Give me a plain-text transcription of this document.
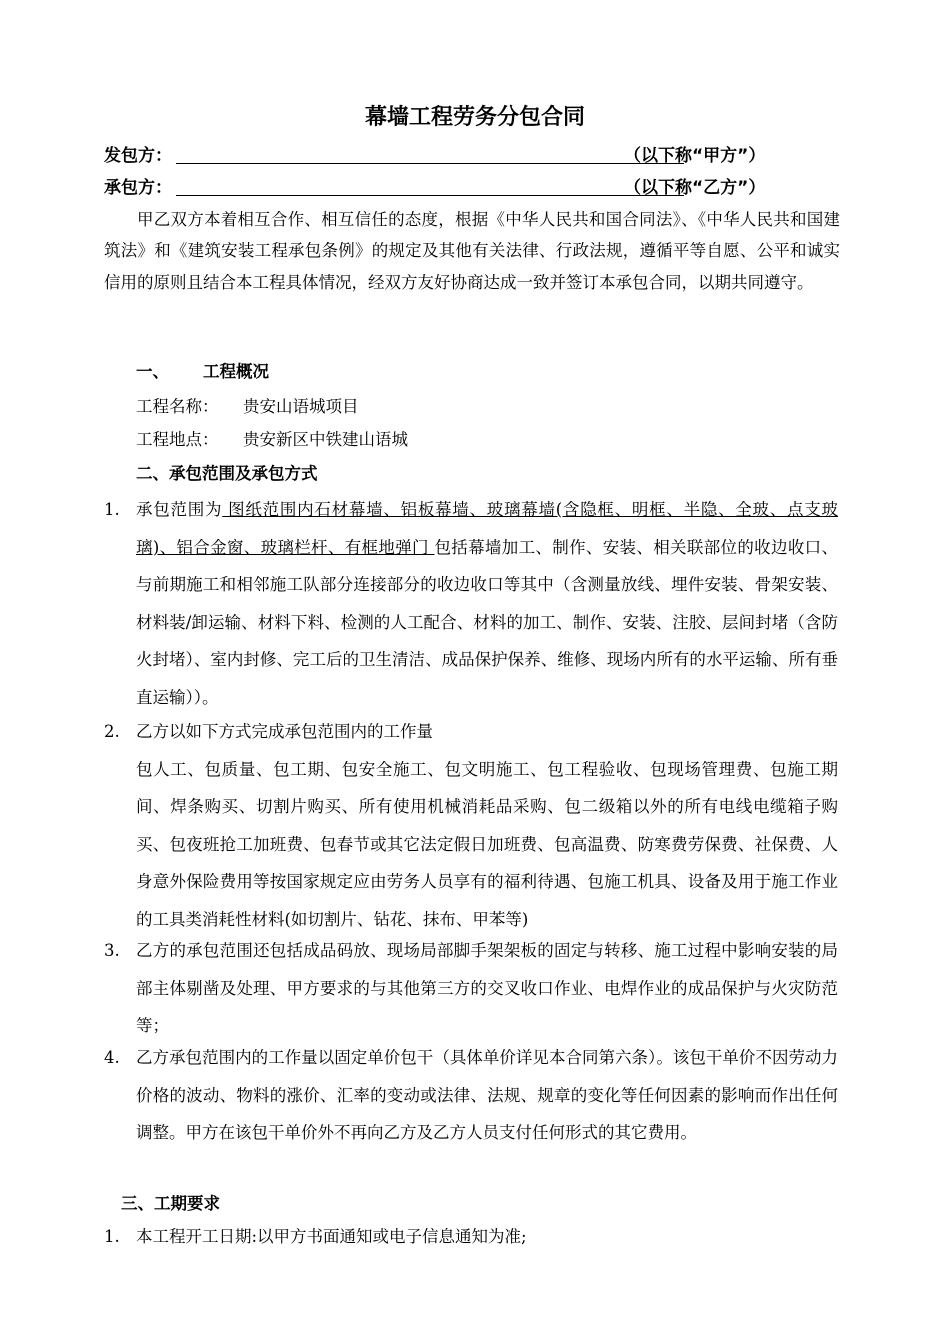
幕墙工程劳务分包合同
发包方：	（以下称“甲方”）
承包方：	（以下称“乙方”）
甲乙双方本着相互合作、相互信任的态度，根据《中华人民共和国合同法》、《中华人民共和国建筑法》和《建筑安装工程承包条例》的规定及其他有关法律、行政法规，遵循平等自愿、公平和诚实信用的原则且结合本工程具体情况，经双方友好协商达成一致并签订本承包合同，以期共同遵守。
一、 工程概况
工程名称： 贵安山语城项目
工程地点： 贵安新区中铁建山语城
二、承包范围及承包方式
1. 承包范围为 图纸范围内石材幕墙、铝板幕墙、玻璃幕墙(含隐框、明框、半隐、全玻、点支玻璃)、铝合金窗、玻璃栏杆、有框地弹门 包括幕墙加工、制作、安装、相关联部位的收边收口、与前期施工和相邻施工队部分连接部分的收边收口等其中（含测量放线、埋件安装、骨架安装、材料装/卸运输、材料下料、检测的人工配合、材料的加工、制作、安装、注胶、层间封堵（含防火封堵）、室内封修、完工后的卫生清洁、成品保护保养、维修、现场内所有的水平运输、所有垂直运输））。
2. 乙方以如下方式完成承包范围内的工作量
包人工、包质量、包工期、包安全施工、包文明施工、包工程验收、包现场管理费、包施工期间、焊条购买、切割片购买、所有使用机械消耗品采购、包二级箱以外的所有电线电缆箱子购买、包夜班抢工加班费、包春节或其它法定假日加班费、包高温费、防寒费劳保费、社保费、人身意外保险费用等按国家规定应由劳务人员享有的福利待遇、包施工机具、设备及用于施工作业的工具类消耗性材料(如切割片、钻花、抹布、甲苯等)
3. 乙方的承包范围还包括成品码放、现场局部脚手架架板的固定与转移、施工过程中影响安装的局部主体剔凿及处理、甲方要求的与其他第三方的交叉收口作业、电焊作业的成品保护与火灾防范等；
4. 乙方承包范围内的工作量以固定单价包干（具体单价详见本合同第六条）。该包干单价不因劳动力价格的波动、物料的涨价、汇率的变动或法律、法规、规章的变化等任何因素的影响而作出任何调整。甲方在该包干单价外不再向乙方及乙方人员支付任何形式的其它费用。
三、工期要求
1. 本工程开工日期:以甲方书面通知或电子信息通知为准;
